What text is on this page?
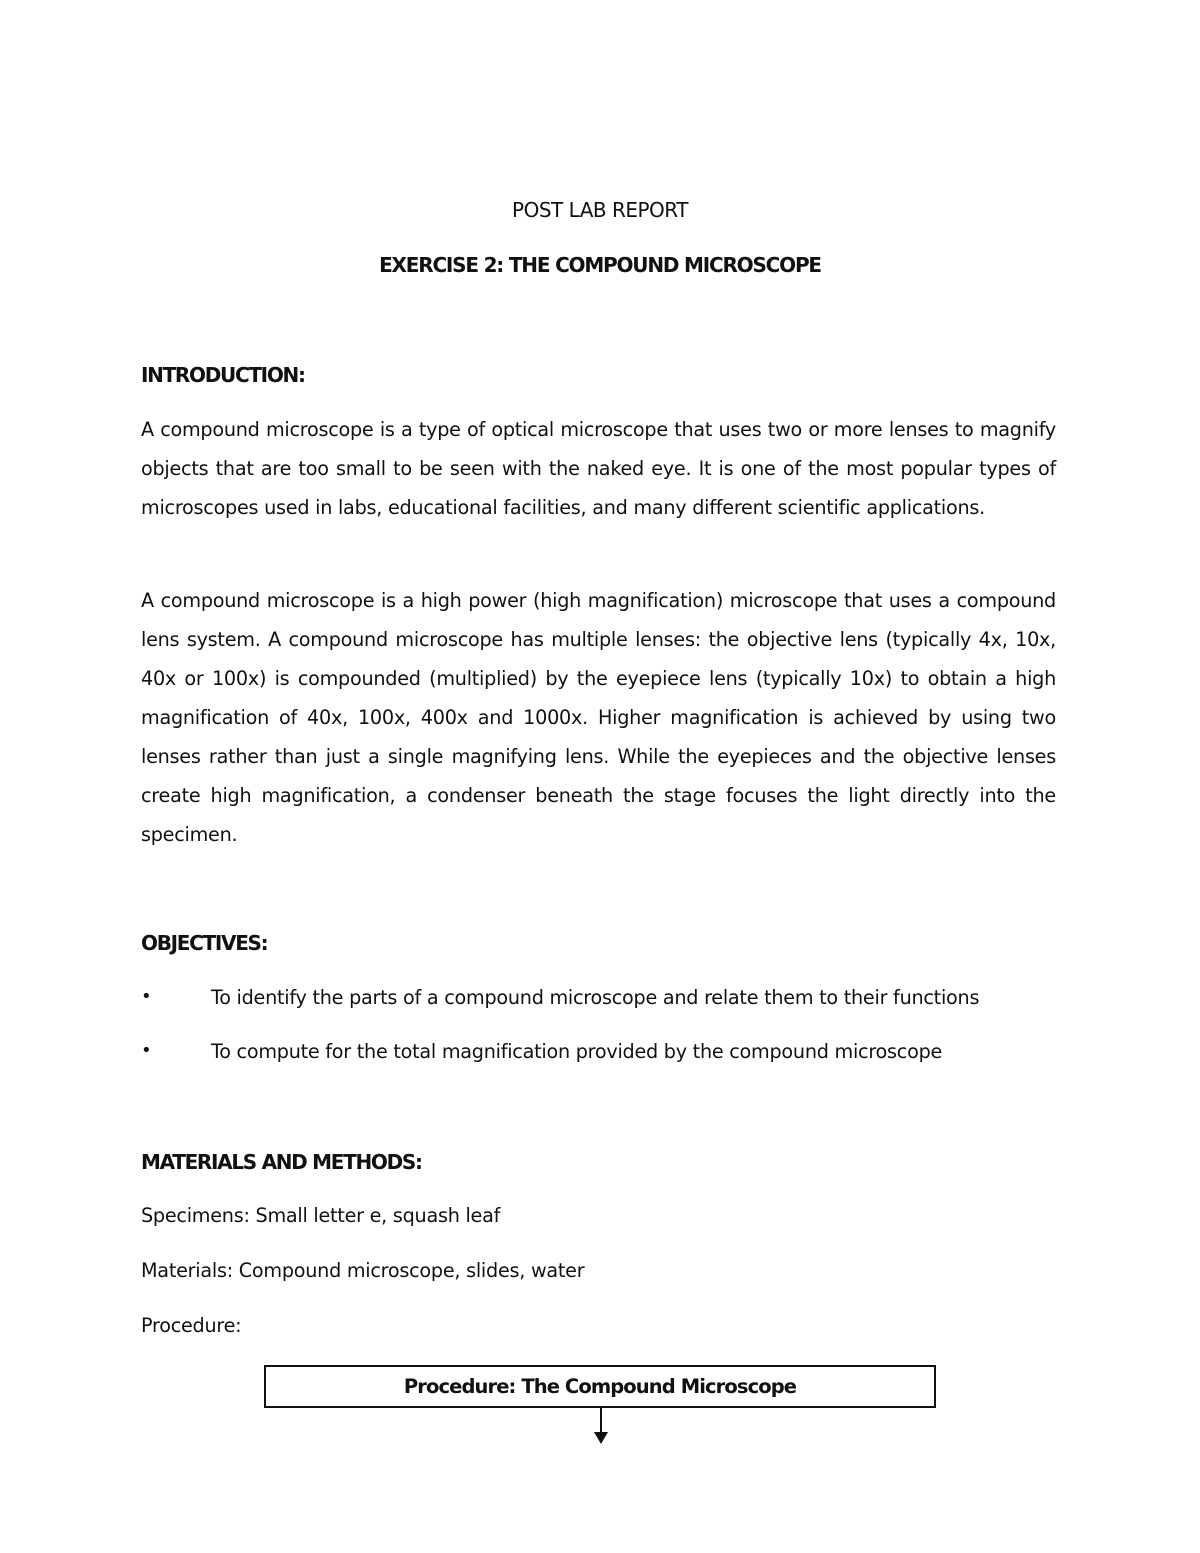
POST LAB REPORT
EXERCISE 2: THE COMPOUND MICROSCOPE
INTRODUCTION:

A compound microscope is a type of optical microscope that uses two or more lenses to magnify objects that are too small to be seen with the naked eye. It is one of the most popular types of microscopes used in labs, educational facilities, and many different scientific applications.

A compound microscope is a high power (high magnification) microscope that uses a compound lens system. A compound microscope has multiple lenses: the objective lens (typically 4x, 10x, 40x or 100x) is compounded (multiplied) by the eyepiece lens (typically 10x) to obtain a high magnification of 40x, 100x, 400x and 1000x. Higher magnification is achieved by using two lenses rather than just a single magnifying lens. While the eyepieces and the objective lenses create high magnification, a condenser beneath the stage focuses the light directly into the specimen.

OBJECTIVES:
•	To identify the parts of a compound microscope and relate them to their functions
•	To compute for the total magnification provided by the compound microscope
MATERIALS AND METHODS:
Specimens: Small letter e, squash leaf
Materials: Compound microscope, slides, water
Procedure:
Procedure: The Compound Microscope
